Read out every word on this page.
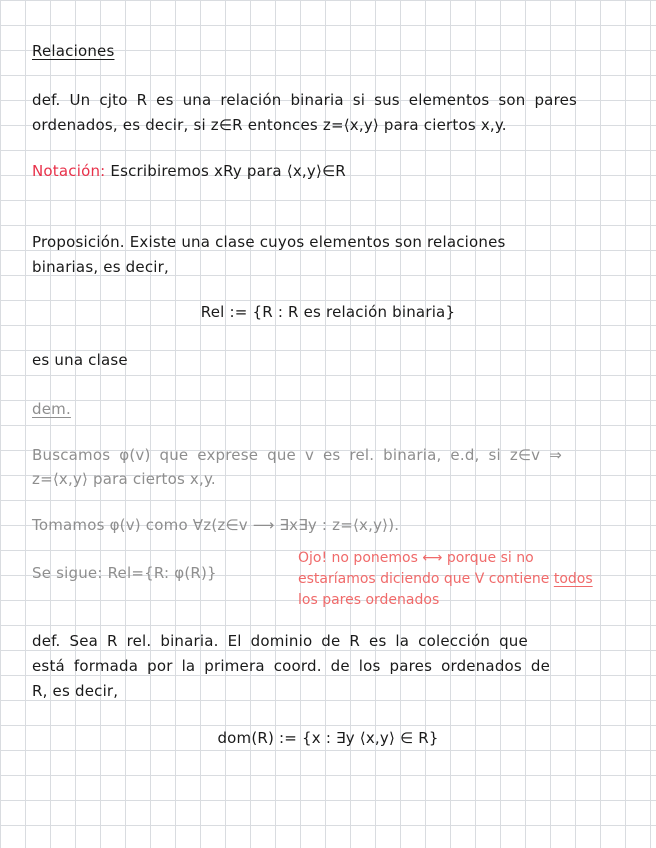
Relaciones
def. Un cjto R es una relación binaria si sus elementos son pares
ordenados, es decir, si z∈R entonces z=⟨x,y⟩ para ciertos x,y.
Notación: Escribiremos xRy para ⟨x,y⟩∈R
Proposición. Existe una clase cuyos elementos son relaciones
binarias, es decir,
Rel := {R : R es relación binaria}
es una clase
dem.
Buscamos φ(v) que exprese que v es rel. binaria, e.d, si z∈v ⇒
z=⟨x,y⟩ para ciertos x,y.
Tomamos φ(v) como ∀z(z∈v ⟶ ∃x∃y : z=⟨x,y⟩).
Se sigue: Rel={R: φ(R)}
Ojo! no ponemos ⟷ porque si no
estaríamos diciendo que V contiene todos
los pares ordenados
def. Sea R rel. binaria. El dominio de R es la colección que
está formada por la primera coord. de los pares ordenados de
R, es decir,
dom(R) := {x : ∃y ⟨x,y⟩ ∈ R}
